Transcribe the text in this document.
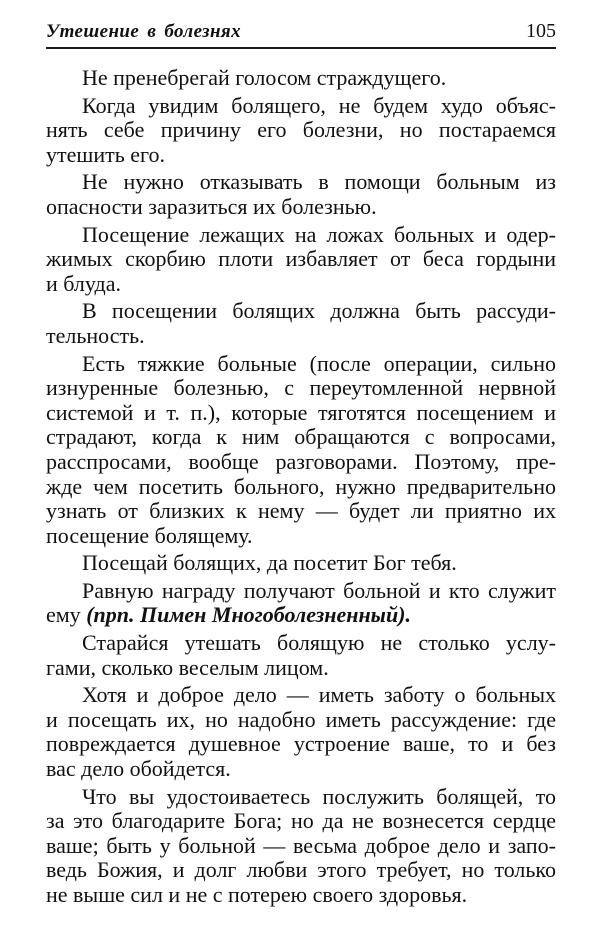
Утешение в болезнях	105

Не пренебрегай голосом страждущего.

Когда увидим болящего, не будем худо объяс-
нять себе причину его болезни, но постараемся
утешить его.

Не нужно отказывать в помощи больным из
опасности заразиться их болезнью.

Посещение лежащих на ложах больных и одер-
жимых скорбию плоти избавляет от беса гордыни
и блуда.

В посещении болящих должна быть рассуди-
тельность.

Есть тяжкие больные (после операции, сильно
изнуренные болезнью, с переутомленной нервной
системой и т. п.), которые тяготятся посещением и
страдают, когда к ним обращаются с вопросами,
расспросами, вообще разговорами. Поэтому, пре-
жде чем посетить больного, нужно предварительно
узнать от близких к нему — будет ли приятно их
посещение болящему.

Посещай болящих, да посетит Бог тебя.

Равную награду получают больной и кто служит
ему (прп. Пимен Многоболезненный).

Старайся утешать болящую не столько услу-
гами, сколько веселым лицом.

Хотя и доброе дело — иметь заботу о больных
и посещать их, но надобно иметь рассуждение: где
повреждается душевное устроение ваше, то и без
вас дело обойдется.

Что вы удостоиваетесь послужить болящей, то
за это благодарите Бога; но да не вознесется сердце
ваше; быть у больной — весьма доброе дело и запо-
ведь Божия, и долг любви этого требует, но только
не выше сил и не с потерею своего здоровья.
